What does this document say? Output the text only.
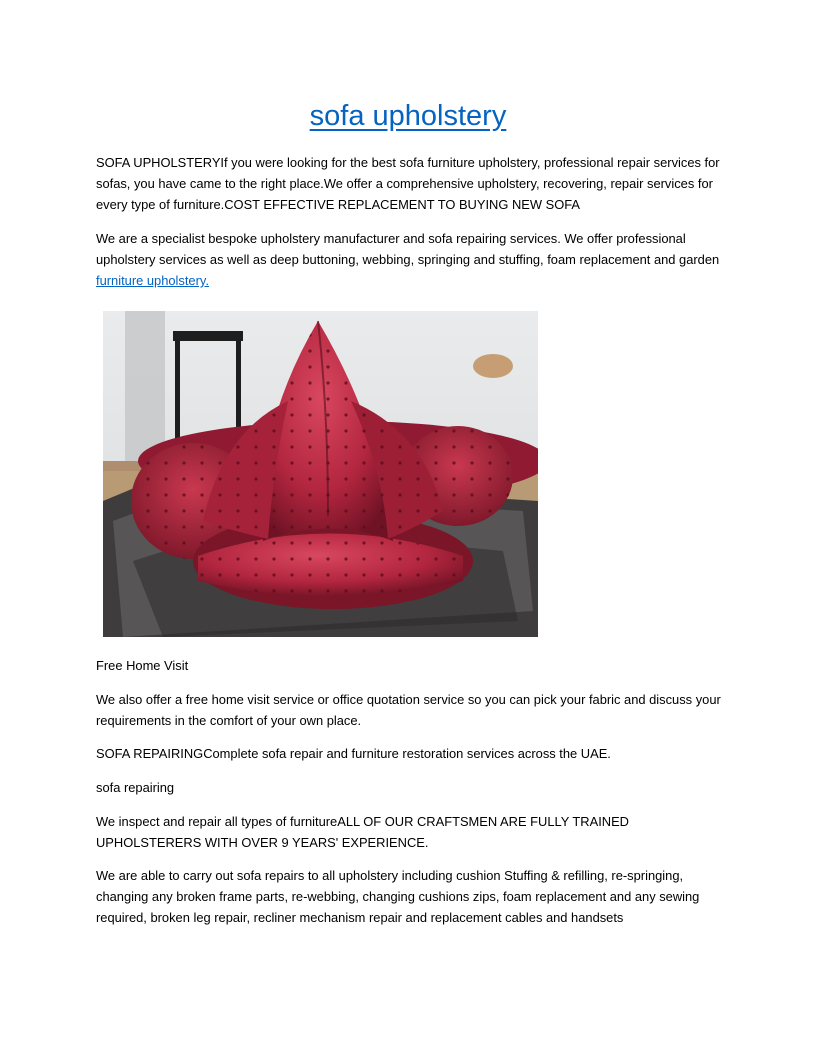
sofa upholstery

SOFA UPHOLSTERYIf you were looking for the best sofa furniture upholstery, professional repair services for sofas, you have came to the right place.We offer a comprehensive upholstery, recovering, repair services for every type of furniture.COST EFFECTIVE REPLACEMENT TO BUYING NEW SOFA

We are a specialist bespoke upholstery manufacturer and sofa repairing services. We offer professional upholstery services as well as deep buttoning, webbing, springing and stuffing, foam replacement and garden furniture upholstery.

Free Home Visit

We also offer a free home visit service or office quotation service so you can pick your fabric and discuss your requirements in the comfort of your own place.

SOFA REPAIRINGComplete sofa repair and furniture restoration services across the UAE.

sofa repairing

We inspect and repair all types of furnitureALL OF OUR CRAFTSMEN ARE FULLY TRAINED UPHOLSTERERS WITH OVER 9 YEARS' EXPERIENCE.

We are able to carry out sofa repairs to all upholstery including cushion Stuffing & refilling, re-springing, changing any broken frame parts, re-webbing, changing cushions zips, foam replacement and any sewing required, broken leg repair, recliner mechanism repair and replacement cables and handsets
